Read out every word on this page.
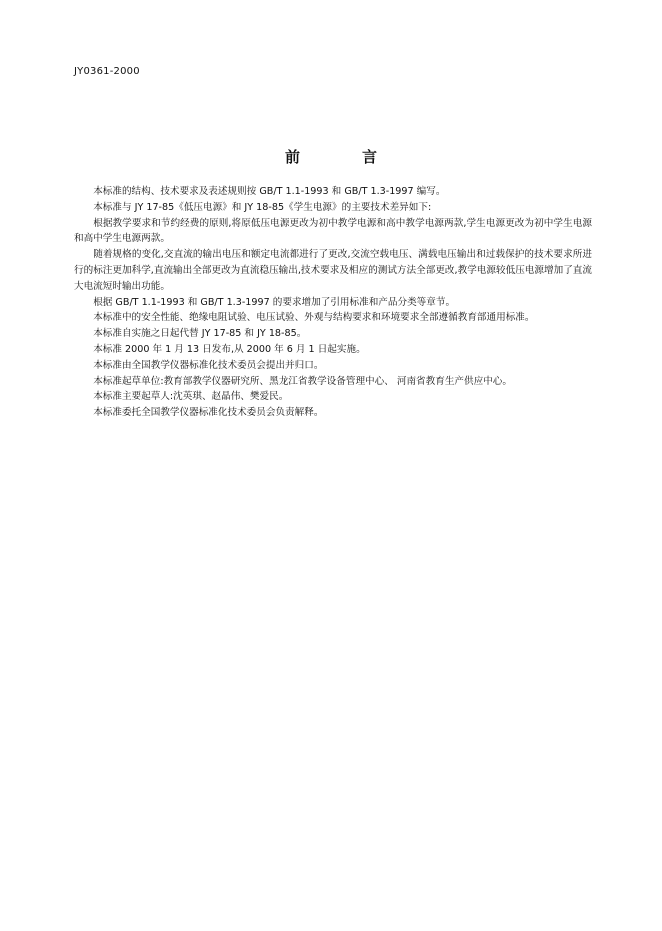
JY0361-2000
前	言

本标准的结构、技术要求及表述规则按 GB/T 1.1-1993 和 GB/T 1.3-1997 编写。

本标准与 JY 17-85《低压电源》和 JY 18-85《学生电源》的主要技术差异如下:

根据教学要求和节约经费的原则,将原低压电源更改为初中教学电源和高中教学电源两款,学生电源更改为初中学生电源和高中学生电源两款。

随着规格的变化,交直流的输出电压和额定电流都进行了更改,交流空载电压、满载电压输出和过载保护的技术要求所进行的标注更加科学,直流输出全部更改为直流稳压输出,技术要求及相应的测试方法全部更改,教学电源较低压电源增加了直流大电流短时输出功能。

根据 GB/T 1.1-1993 和 GB/T 1.3-1997 的要求增加了引用标准和产品分类等章节。

本标准中的安全性能、绝缘电阻试验、电压试验、外观与结构要求和环境要求全部遵循教育部通用标准。

本标准自实施之日起代替 JY 17-85 和 JY 18-85。

本标准 2000 年 1 月 13 日发布,从 2000 年 6 月 1 日起实施。

本标准由全国教学仪器标准化技术委员会提出并归口。

本标准起草单位:教育部教学仪器研究所、黑龙江省教学设备管理中心、 河南省教育生产供应中心。

本标准主要起草人:沈英琪、赵晶伟、樊爱民。

本标准委托全国教学仪器标准化技术委员会负责解释。
